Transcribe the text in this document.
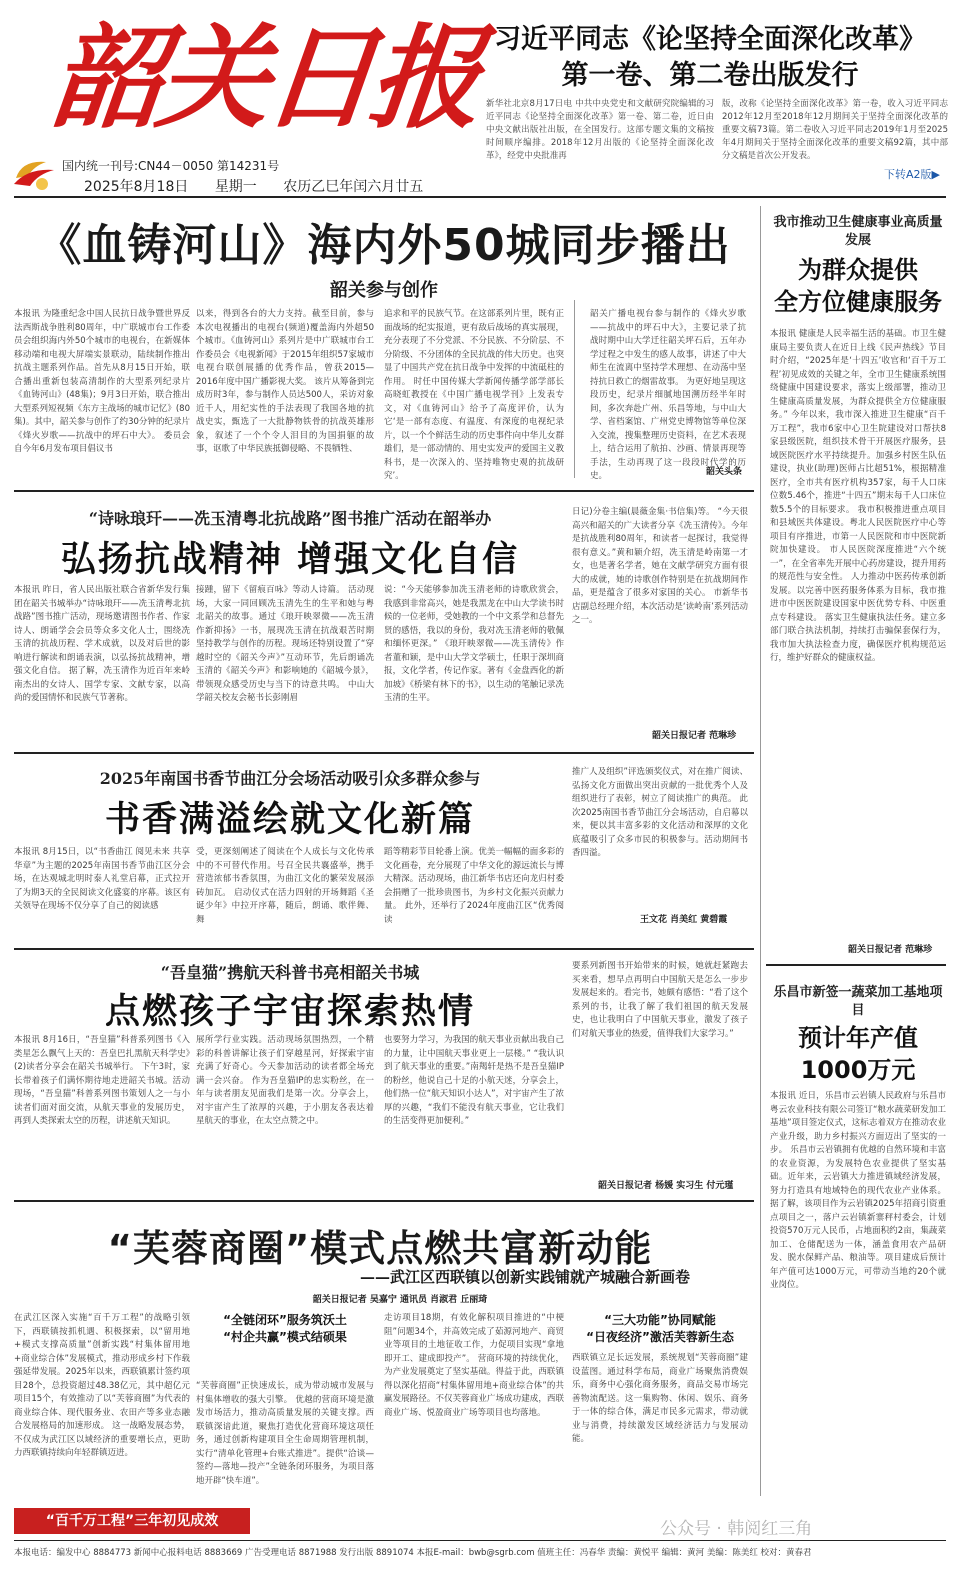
韶关日报
国内统一刊号:CN44－0050 第14231号
2025年8月18日 星期一 农历乙巳年闰六月廿五
习近平同志《论坚持全面深化改革》
第一卷、第二卷出版发行
新华社北京8月17日电 中共中央党史和文献研究院编辑的习近平同志《论坚持全面深化改革》第一卷、第二卷，近日由中央文献出版社出版，在全国发行。这部专题文集的文稿按时间顺序编排。2018年12月出版的《论坚持全面深化改革》，经党中央批准再
版，改称《论坚持全面深化改革》第一卷，收入习近平同志2012年12月至2018年12月期间关于坚持全面深化改革的重要文稿73篇。第二卷收入习近平同志2019年1月至2025年4月期间关于坚持全面深化改革的重要文稿92篇，其中部分文稿是首次公开发表。
下转A2版▶
《血铸河山》海内外50城同步播出
韶关参与创作
本报讯 为隆重纪念中国人民抗日战争暨世界反法西斯战争胜利80周年，中广联城市台工作委员会组织海内外50个城市的电视台，在新媒体移动端和电视大屏端实景联动，陆续制作推出抗战主题系列作品。首先从8月15日开始，联合播出重新包装高清制作的大型系列纪录片《血铸河山》(48集)；9月3日开始，联合推出大型系列短视频《东方主战场的城市记忆》(80集)。其中，韶关参与创作了约30分钟的纪录片《烽火岁歌——抗战中的坪石中大》。 委员会自今年6月发布项目倡议书
以来，得到各台的大力支持。截至目前，参与本次电视播出的电视台(频道)覆盖海内外超50个城市。《血铸河山》系列片是中广联城市台工作委员会《电视新闻》于2015年组织57家城市电视台联创展播的优秀作品，曾获2015—2016年度中国广播影视大奖。 该片从筹备到完成历时3年，参与制作人员达500人，采访对象近千人，用纪实性的手法表现了我国各地的抗战史实，甄选了一大批静物铁骨的抗战英雄形象，叙述了一个个令人泪目的为国捐躯的故事，讴歌了中华民族抵御侵略、不畏牺牲、
追求和平的民族气节。在这部系列片里，既有正面战场的纪实报道，更有敌后战场的真实展现，充分表现了不分党派、不分民族、不分阶层、不分阶级、不分团体的全民抗战的伟大历史。也突显了中国共产党在抗日战争中发挥的中流砥柱的作用。 时任中国传媒大学新闻传播学部学部长高晓虹教授在《中国广播电视学刊》上发表专文，对《血铸河山》给予了高度评价，认为它‘是一部有态度、有温度、有深度的电视纪录片，以一个个鲜活生动的历史事件向中华儿女群雄们，是一部动情的、用史实发声的爱国主义教科书，是一次深入的、坚持唯物史观的抗战研究’。
韶关广播电视台参与制作的《烽火岁歌——抗战中的坪石中大》，主要记录了抗战时期中山大学迁往韶关坪石后，五年办学过程之中发生的感人故事，讲述了中大师生在流离中坚持学术理想、在动荡中坚持抗日救亡的烟雷故事。 为更好地呈现这段历史，纪录片细腻地国溯历经半年时间，多次奔赴广州、乐昌等地，与中山大学、省档案馆、广州党史博物馆等单位深入交流，搜集整理历史资料，在艺术表现上，结合运用了航拍、沙画、情景再现等手法，生动再现了这一段段时代学的历史。	韶关头条
“诗咏琅玕——冼玉清粤北抗战路”图书推广活动在韶举办
弘扬抗战精神 增强文化自信
本报讯 昨日，省人民出版社联合省新华发行集团在韶关书城举办“诗咏琅玕——冼玉清粤北抗战路”图书推广活动，现场邀请图书作者、作家诗人、朗诵学会会员等众多文化人士，围绕冼玉清的抗战历程、学术成就，以及对后世的影响进行解读和朗诵表演，以弘扬抗战精神，增强文化自信。 据了解，冼玉清作为近百年来岭南杰出的女诗人、国学专家、文献专家，以高尚的爱国情怀和民族气节著称。
接踵，留下《留痕百咏》等动人诗篇。 活动现场，大家一同回顾冼玉清先生的生平和她与粤北韶关的故事。通过《琅玕映翠微——冼玉清作新抑扬》一书，展现冼玉清在抗战艰苦时期坚持教学与创作的历程。现场还特别设置了“穿越时空的《韶关今声》”互动环节，先后朗诵冼玉清的《韶关今声》和影响她的《韶城今景》，带领现众感受历史与当下的诗意共鸣。 中山大学韶关校友会秘书长彭刚眉
说：“今天能够参加冼玉清老师的诗歌欣赏会，我感到非常高兴，她是我黑龙在中山大学读书时候的一位老师，受她教的一个中文系学和总督先贤的感悟，我以的身份，我对冼玉清老师的敬佩和缅怀更深。” 《琅玕映翠微——冼玉清传》作者董和颖，是中山大学文学硕士，任职于深圳商报，文化学者，传记作家。著有《金盘西化的新加坡》《桥梁有林下的书》，以生动的笔触记录冼玉清的生平。
日记)分卷主编(晨薇金集·书信集)等。 “今天很高兴和韶关的广大读者分享《冼玉清传》。今年是抗战胜利80周年，和读者一起探讨，我觉得很有意义。”黄和颖介绍，冼玉清是岭南第一才女，也是著名学者，她在文献学研究方面有很大的成就，她的诗歌创作特别是在抗战期间作品，更是蕴含了很多对家国的关心。 市新华书店副总经理介绍，本次活动是‘读岭南’系列活动之一。
韶关日报记者 范琳珍
2025年南国书香节曲江分会场活动吸引众多群众参与
书香满溢绘就文化新篇
本报讯 8月15日，以“书香曲江 阅见未来 共享华章”为主题的2025年南国书香节曲江区分会场，在达观城北明时泰人礼堂启幕，正式拉开了为期3天的全民阅读文化盛宴的序幕。该区有关领导在现场不仅分享了自己的阅读感
受，更深刻阐述了阅读在个人成长与文化传承中的不可替代作用。号召全民共襄盛举，携手营造浓郁书香氛围，为曲江文化的繁荣发展添砖加瓦。 启动仪式在活力四射的开场舞蹈《圣诞少年》中拉开序幕，随后，朗诵、歌伴舞、舞
蹈等精彩节目轮番上演。优美一幅幅的面多彩的文化画卷，充分展现了中华文化的源远流长与博大精深。活动现场，曲江新华书店还向龙归村委会捐赠了一批珍贵图书，为乡村文化振兴贡献力量。 此外，还举行了2024年度曲江区“优秀阅读
推广人及组织”评选颁奖仪式，对在推广阅读、弘扬文化方面做出突出贡献的一批优秀个人及组织进行了表彰，树立了阅读推广的典范。 此次2025南国书香节曲江分会场活动，自启幕以来，便以其丰富多彩的文化活动和深厚的文化底蕴吸引了众多市民的积极参与。活动期间书香四溢。
王文花 肖美红 黄碧霞
“吾皇猫”携航天科普书亮相韶关书城
点燃孩子宇宙探索热情
本报讯 8月16日，“吾皇猫”科普系列图书《入类星怎么飘气上天的：吾皇巴扎黑航天科学史》(2)读者分享会在韶关书城举行。 下午3时，家长带着孩子们满怀期待地走进韶关书城。活动现场，“吾皇猫”科普系列图书策划人之一与小读者们面对面交流，从航天事业的发展历史，再到人类探索太空的历程，讲述航天知识。
展所学行业实践。活动现场氛围热烈，一个精彩的科普讲解让孩子们穿越星河，好探索宇宙充满了好奇心。今天参加活动的读者都全场充满一会兴奋。 作为吾皇猫IP的忠实粉丝，在一年与读者朋友见面我们是第一次。分享会上，对宇宙产生了浓厚的兴趣，于小朋友各表达着星航天的事业，在太空点赞之中。
也要努力学习，为我国的航天事业贡献出我自己的力量，让中国航天事业更上一层楼。” “我认识到了航天事业的重要。”南羯轩是热不是吾皇猫IP的粉丝，他说自己十足的小航天迷，分享会上，他们热一位“航天知识小达人”，对宇宙产生了浓厚的兴趣，“我们不能没有航天事业，它让我们的生活变得更加便利。”
要系列新图书开始带来的时候，她就赶紧跑去买来看，想早点再明白中国航天是怎么一步步发展起来的。看完书，她颇有感悟：“看了这个系列的书，让我了解了我们祖国的航天发展史，也让我明白了中国航天事业，激发了孩子们对航天事业的热爱，值得我们大家学习。”
韶关日报记者 杨媛 实习生 付元瑾
我市推动卫生健康事业高质量发展
为群众提供
全方位健康服务
本报讯 健康是人民幸福生活的基础。市卫生健康局主要负责人在近日上线《民声热线》节目时介绍，“2025年是‘十四五’收官和‘百千万工程’初见成效的关键之年，全市卫生健康系统围绕健康中国建设要求，落实上级部署，推动卫生健康高质量发展，为群众提供全方位健康服务。” 今年以来，我市深入推进卫生健康“百千万工程”，我市6家中心卫生院建设对口帮扶8家县级医院，组织技术骨干开展医疗服务，县域医院医疗水平持续提升。加强乡村医生队伍建设，执业(助理)医师占比超51%，根据精准医疗，全市共有医疗机构357家，每千人口床位数5.46个，推进“十四五”期末每千人口床位数5.5个的目标要求。 我市积极推进重点项目和县域医共体建设。粤北人民医院医疗中心等项目有序推进，市第一人民医院和市中医院新院加快建设。 市人民医院深度推进“六个统一”，在全省率先开展中心药房建设，提升用药的规范性与安全性。 人力推动中医药传承创新发展。以完善中医药服务体系为目标，我市推进市中医医院建设国家中医优势专科、中医重点专科建设。 落实卫生健康执法任务。建立多部门联合执法机制，持续打击骗保套保行为，我市加大执法检查力度，确保医疗机构规范运行，维护好群众的健康权益。
韶关日报记者 范琳珍
乐昌市新签一蔬菜加工基地项目
预计年产值
1000万元
本报讯 近日，乐昌市云岩镇人民政府与乐昌市粤云农业科技有限公司签订“粮水蔬菜研发加工基地”项目签定仪式，这标志着双方在推动农业产业升级，助力乡村振兴方面迈出了坚实的一步。 乐昌市云岩镇拥有优越的自然环境和丰富的农业资源，为发展特色农业提供了坚实基础。近年来，云岩镇大力推进镇域经济发展，努力打造具有地域特色的现代农业产业体系。 据了解，该项目作为云岩镇2025年招商引资重点项目之一，落户云岩镇新寨秤村委会，计划投资570万元人民币，占地面积约2亩，集蔬菜加工、仓储配送为一体，涵盖食用农产品研发、脱水保鲜产品、粮油等。项目建成后预计年产值可达1000万元，可带动当地约20个就业岗位。
“芙蓉商圈”模式点燃共富新动能
——武江区西联镇以创新实践铺就产城融合新画卷
韶关日报记者 吴嘉宁 通讯员 肖淑君 丘丽琦
在武江区深入实施“百千万工程”的战略引领下，西联镇按抓机遇、积极探索，以“留用地+模式支撑高质量”创新实践“村集体留用地+商业综合体”发展模式，推动形成乡村下作载强延带发展。2025年以来，西联镇累计签约项目28个，总投资超过48.38亿元，其中超亿元项目15个，有效推动了以“芙蓉商圈”为代表的商业综合体、现代服务业、农田产等多业态融合发展格局的加速形成。 这一战略发展态势，不仅成为武江区以域经济的重要增长点，更助力西联镇持续向年轻群镇迈进。
“全链闭环”服务筑沃土
“村企共赢”模式结硕果
“芙蓉商圈”正快速成长，成为带动城市发展与村集体增收的强大引擎。 优越的营商环境是激发市场活力，推动高质量发展的关键支撑。西联镇深谙此道，聚焦打造优化营商环境这项任务，通过创新构建项目全生命周期管理机制，实行“清单化管理+台账式推进”。提供“洽谈—签约—落地—投产”全链条闭环服务，为项目落地开辟“快车道”。
走访项目18期，有效化解积项目推进的“中梗阻”问题34个，并高效完成了茹源河地产、商贸业等项目的土地征收工作，力促项目实现“拿地即开工、建成即投产”。 营商环境的持续优化，为产业发展奠定了坚实基础。得益于此，西联镇得以深化招商“村集体留用地+商业综合体”的共赢发展路径。不仅芙蓉商业广场成功建成，西联商业广场、悦盈商业广场等项目也均落地。
“三大功能”协同赋能
“日夜经济”激活芙蓉新生态
西联镇立足长远发展，系统规划“芙蓉商圈”建设蓝图。通过科学布局，商业广场聚焦消费娱乐，商务中心强化商务服务，商品交易市场完善物流配送。这一集购物、休闲、娱乐、商务于一体的综合体，满足市民多元需求，带动就业与消费，持续激发区域经济活力与发展动能。
“百千万工程”三年初见成效	公众号 · 韩阅红三角
本报电话：编发中心 8884773 新闻中心报料电话 8883669 广告受理电话 8871988 发行出版 8891074 本报E-mail：bwb@sgrb.com 值班主任：冯春华 责编：黄悦平 编辑：黄河 美编：陈美红 校对：黄春君
